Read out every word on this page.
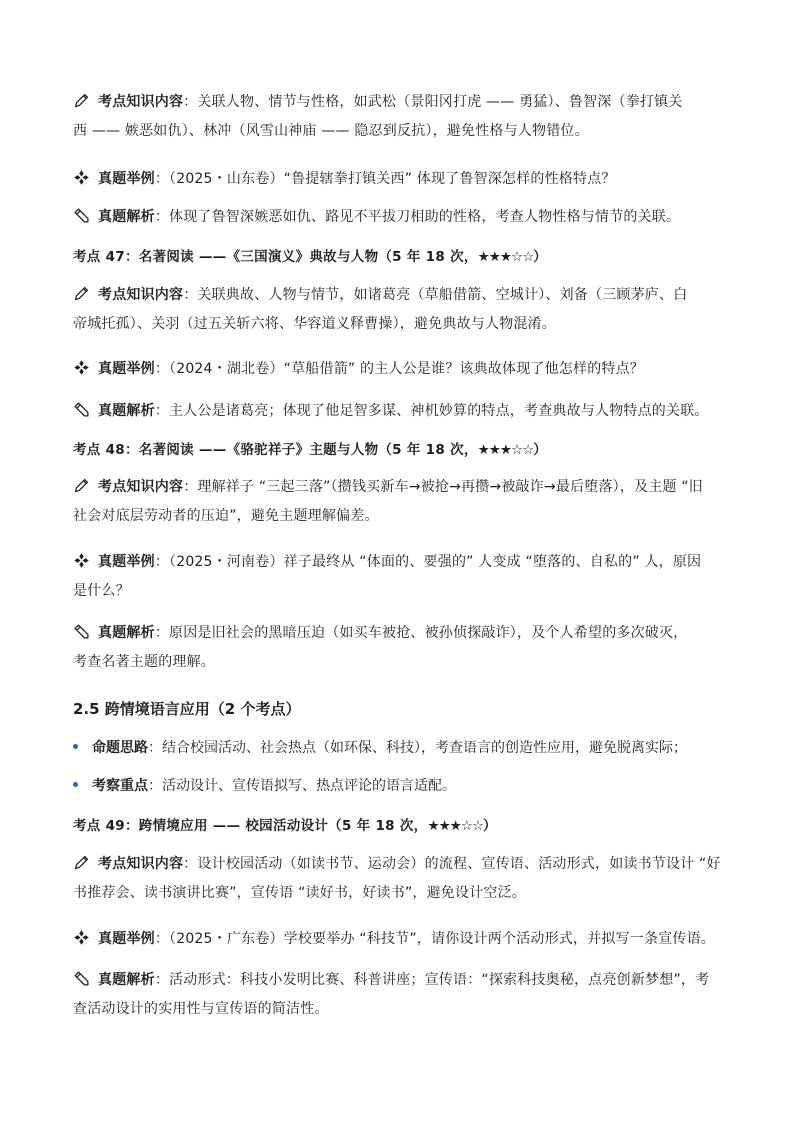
考点知识内容：关联人物、情节与性格，如武松（景阳冈打虎 —— 勇猛）、鲁智深（拳打镇关
西 —— 嫉恶如仇）、林冲（风雪山神庙 —— 隐忍到反抗），避免性格与人物错位。
真题举例：（2025・山东卷）“鲁提辖拳打镇关西” 体现了鲁智深怎样的性格特点？
真题解析：体现了鲁智深嫉恶如仇、路见不平拔刀相助的性格，考查人物性格与情节的关联。
考点 47：名著阅读 ——《三国演义》典故与人物（5 年 18 次，★★★☆☆）
考点知识内容：关联典故、人物与情节，如诸葛亮（草船借箭、空城计）、刘备（三顾茅庐、白
帝城托孤）、关羽（过五关斩六将、华容道义释曹操），避免典故与人物混淆。
真题举例：（2024・湖北卷）“草船借箭” 的主人公是谁？该典故体现了他怎样的特点？
真题解析：主人公是诸葛亮；体现了他足智多谋、神机妙算的特点，考查典故与人物特点的关联。
考点 48：名著阅读 ——《骆驼祥子》主题与人物（5 年 18 次，★★★☆☆）
考点知识内容：理解祥子 “三起三落”（攒钱买新车→被抢→再攒→被敲诈→最后堕落），及主题 “旧
社会对底层劳动者的压迫”，避免主题理解偏差。
真题举例：（2025・河南卷）祥子最终从 “体面的、要强的” 人变成 “堕落的、自私的” 人，原因
是什么？
真题解析：原因是旧社会的黑暗压迫（如买车被抢、被孙侦探敲诈），及个人希望的多次破灭，
考查名著主题的理解。
2.5 跨情境语言应用（2 个考点）
命题思路：结合校园活动、社会热点（如环保、科技），考查语言的创造性应用，避免脱离实际；
考察重点：活动设计、宣传语拟写、热点评论的语言适配。
考点 49：跨情境应用 —— 校园活动设计（5 年 18 次，★★★☆☆）
考点知识内容：设计校园活动（如读书节、运动会）的流程、宣传语、活动形式，如读书节设计 “好
书推荐会、读书演讲比赛”，宣传语 “读好书，好读书”，避免设计空泛。
真题举例：（2025・广东卷）学校要举办 “科技节”，请你设计两个活动形式，并拟写一条宣传语。
真题解析：活动形式：科技小发明比赛、科普讲座；宣传语：“探索科技奥秘，点亮创新梦想”，考
查活动设计的实用性与宣传语的简洁性。
